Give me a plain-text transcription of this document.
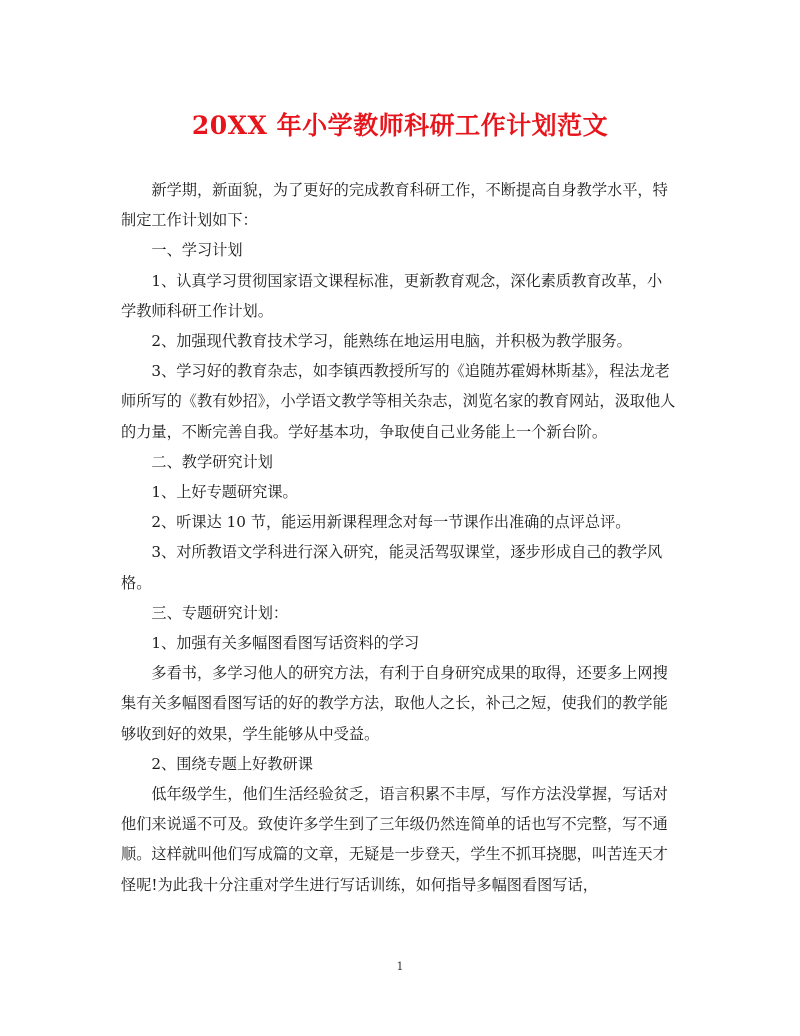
20XX 年小学教师科研工作计划范文

新学期，新面貌，为了更好的完成教育科研工作，不断提高自身教学水平，特制定工作计划如下：

一、学习计划

1、认真学习贯彻国家语文课程标准，更新教育观念，深化素质教育改革，小学教师科研工作计划。

2、加强现代教育技术学习，能熟练在地运用电脑，并积极为教学服务。

3、学习好的教育杂志，如李镇西教授所写的《追随苏霍姆林斯基》，程法龙老师所写的《教有妙招》，小学语文教学等相关杂志，浏览名家的教育网站，汲取他人的力量，不断完善自我。学好基本功，争取使自己业务能上一个新台阶。

二、教学研究计划

1、上好专题研究课。

2、听课达 10 节，能运用新课程理念对每一节课作出准确的点评总评。

3、对所教语文学科进行深入研究，能灵活驾驭课堂，逐步形成自己的教学风格。

三、专题研究计划：

1、加强有关多幅图看图写话资料的学习

多看书，多学习他人的研究方法，有利于自身研究成果的取得，还要多上网搜集有关多幅图看图写话的好的教学方法，取他人之长，补己之短，使我们的教学能够收到好的效果，学生能够从中受益。

2、围绕专题上好教研课

低年级学生，他们生活经验贫乏，语言积累不丰厚，写作方法没掌握，写话对他们来说遥不可及。致使许多学生到了三年级仍然连简单的话也写不完整，写不通顺。这样就叫他们写成篇的文章，无疑是一步登天，学生不抓耳挠腮，叫苦连天才怪呢!为此我十分注重对学生进行写话训练，如何指导多幅图看图写话，

1
